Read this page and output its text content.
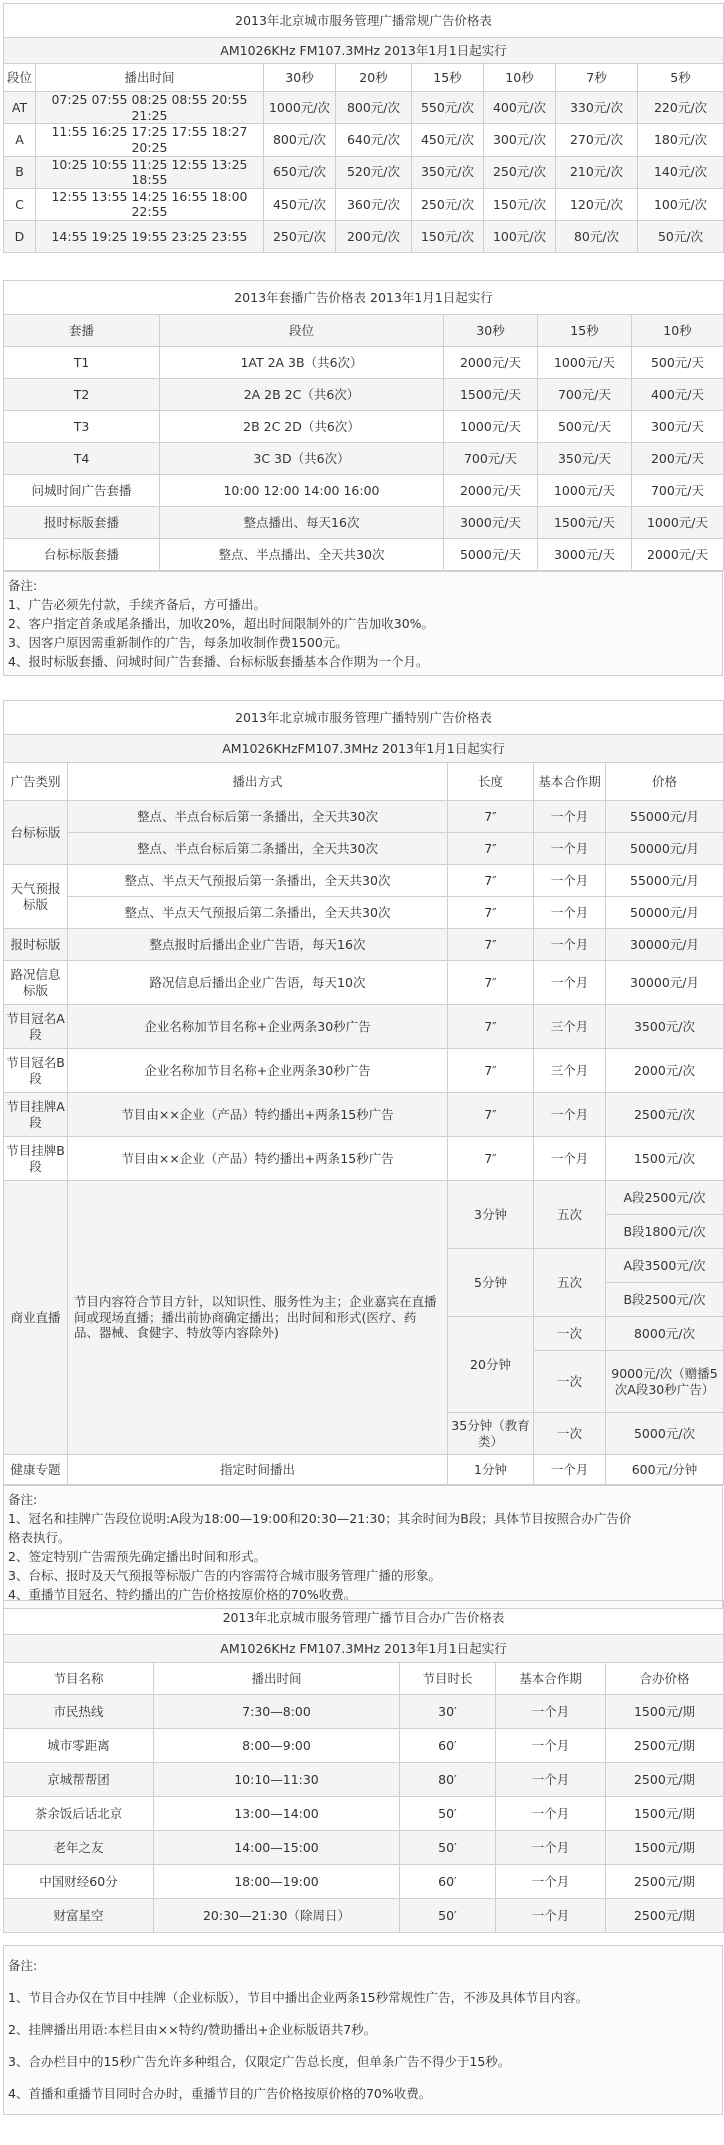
2013年北京城市服务管理广播常规广告价格表							
AM1026KHz FM107.3MHz 2013年1月1日起实行							
段位	播出时间	30秒	20秒	15秒	10秒	7秒	5秒
AT	07:25 07:55 08:25 08:55 20:55 21:25	1000元/次	800元/次	550元/次	400元/次	330元/次	220元/次
A	11:55 16:25 17:25 17:55 18:27 20:25	800元/次	640元/次	450元/次	300元/次	270元/次	180元/次
B	10:25 10:55 11:25 12:55 13:25 18:55	650元/次	520元/次	350元/次	250元/次	210元/次	140元/次
C	12:55 13:55 14:25 16:55 18:00 22:55	450元/次	360元/次	250元/次	150元/次	120元/次	100元/次
D	14:55 19:25 19:55 23:25 23:55	250元/次	200元/次	150元/次	100元/次	80元/次	50元/次
2013年套播广告价格表 2013年1月1日起实行				
套播	段位	30秒	15秒	10秒
T1	1AT 2A 3B（共6次）	2000元/天	1000元/天	500元/天
T2	2A 2B 2C（共6次）	1500元/天	700元/天	400元/天
T3	2B 2C 2D（共6次）	1000元/天	500元/天	300元/天
T4	3C 3D（共6次）	700元/天	350元/天	200元/天
问城时间广告套播	10:00 12:00 14:00 16:00	2000元/天	1000元/天	700元/天
报时标版套播	整点播出、每天16次	3000元/天	1500元/天	1000元/天
台标标版套播	整点、半点播出、全天共30次	5000元/天	3000元/天	2000元/天
备注:
1、广告必须先付款，手续齐备后，方可播出。
2、客户指定首条或尾条播出，加收20%，超出时间限制外的广告加收30%。
3、因客户原因需重新制作的广告，每条加收制作费1500元。
4、报时标版套播、问城时间广告套播、台标标版套播基本合作期为一个月。
2013年北京城市服务管理广播特别广告价格表				
AM1026KHzFM107.3MHz 2013年1月1日起实行				
广告类别	播出方式	长度	基本合作期	价格
台标标版	整点、半点台标后第一条播出，全天共30次	7″	一个月	55000元/月
	整点、半点台标后第二条播出，全天共30次	7″	一个月	50000元/月
天气预报标版	整点、半点天气预报后第一条播出，全天共30次	7″	一个月	55000元/月
	整点、半点天气预报后第二条播出，全天共30次	7″	一个月	50000元/月
报时标版	整点报时后播出企业广告语，每天16次	7″	一个月	30000元/月
路况信息标版	路况信息后播出企业广告语，每天10次	7″	一个月	30000元/月
节目冠名A段	企业名称加节目名称+企业两条30秒广告	7″	三个月	3500元/次
节目冠名B段	企业名称加节目名称+企业两条30秒广告	7″	三个月	2000元/次
节目挂牌A段	节目由××企业（产品）特约播出+两条15秒广告	7″	一个月	2500元/次
节目挂牌B段	节目由××企业（产品）特约播出+两条15秒广告	7″	一个月	1500元/次
商业直播	节目内容符合节目方针，以知识性、服务性为主；企业嘉宾在直播间或现场直播；播出前协商确定播出；出时间和形式(医疗、药品、器械、食健字、特放等内容除外)	3分钟	五次	A段2500元/次
				B段1800元/次
		5分钟	五次	A段3500元/次
				B段2500元/次
		20分钟	一次	8000元/次
			一次	9000元/次（赠播5次A段30秒广告）
		35分钟（教育类）	一次	5000元/次
健康专题	指定时间播出	1分钟	一个月	600元/分钟
备注:
1、冠名和挂牌广告段位说明:A段为18:00—19:00和20:30—21:30；其余时间为B段；具体节目按照合办广告价
格表执行。
2、签定特别广告需预先确定播出时间和形式。
3、台标、报时及天气预报等标版广告的内容需符合城市服务管理广播的形象。
4、重播节目冠名、特约播出的广告价格按原价格的70%收费。
2013年北京城市服务管理广播节目合办广告价格表				
AM1026KHz FM107.3MHz 2013年1月1日起实行				
节目名称	播出时间	节目时长	基本合作期	合办价格
市民热线	7:30—8:00	30′	一个月	1500元/期
城市零距离	8:00—9:00	60′	一个月	2500元/期
京城帮帮团	10:10—11:30	80′	一个月	2500元/期
茶余饭后话北京	13:00—14:00	50′	一个月	1500元/期
老年之友	14:00—15:00	50′	一个月	1500元/期
中国财经60分	18:00—19:00	60′	一个月	2500元/期
财富星空	20:30—21:30（除周日）	50′	一个月	2500元/期
备注:
1、节目合办仅在节目中挂牌（企业标版），节目中播出企业两条15秒常规性广告，不涉及具体节目内容。
2、挂牌播出用语:本栏目由××特约/赞助播出+企业标版语共7秒。
3、合办栏目中的15秒广告允许多种组合，仅限定广告总长度，但单条广告不得少于15秒。
4、首播和重播节目同时合办时，重播节目的广告价格按原价格的70%收费。
